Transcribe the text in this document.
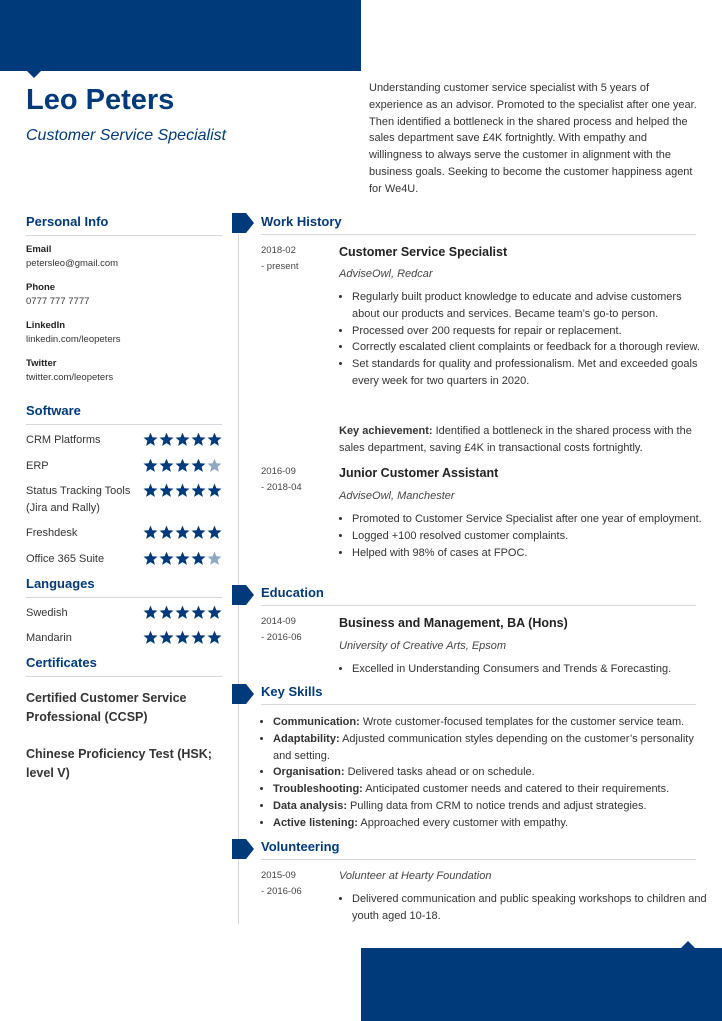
Leo Peters

Customer Service Specialist

Understanding customer service specialist with 5 years of experience as an advisor. Promoted to the specialist after one year. Then identified a bottleneck in the shared process and helped the sales department save £4K fortnightly. With empathy and willingness to always serve the customer in alignment with the business goals. Seeking to become the customer happiness agent for We4U.

Personal Info

Email

petersleo@gmail.com

Phone

0777 777 7777

LinkedIn

linkedin.com/leopeters

Twitter

twitter.com/leopeters

Software
CRM Platforms
ERP
Status Tracking Tools (Jira and Rally)
Freshdesk
Office 365 Suite
Languages
Swedish
Mandarin
Certificates

Certified Customer Service Professional (CCSP)

Chinese Proficiency Test (HSK; level V)

Work History
2018-02
- present
Customer Service Specialist
AdviseOwl, Redcar
• Regularly built product knowledge to educate and advise customers about our products and services. Became team’s go-to person.
• Processed over 200 requests for repair or replacement.
• Correctly escalated client complaints or feedback for a thorough review.
• Set standards for quality and professionalism. Met and exceeded goals every week for two quarters in 2020.

Key achievement: Identified a bottleneck in the shared process with the sales department, saving £4K in transactional costs fortnightly.

2016-09
- 2018-04
Junior Customer Assistant
AdviseOwl, Manchester
• Promoted to Customer Service Specialist after one year of employment.
• Logged +100 resolved customer complaints.
• Helped with 98% of cases at FPOC.
Education
2014-09
- 2016-06
Business and Management, BA (Hons)
University of Creative Arts, Epsom
• Excelled in Understanding Consumers and Trends & Forecasting.
Key Skills
• Communication: Wrote customer-focused templates for the customer service team.
• Adaptability: Adjusted communication styles depending on the customer’s personality and setting.
• Organisation: Delivered tasks ahead or on schedule.
• Troubleshooting: Anticipated customer needs and catered to their requirements.
• Data analysis: Pulling data from CRM to notice trends and adjust strategies.
• Active listening: Approached every customer with empathy.
Volunteering
2015-09
- 2016-06
Volunteer at Hearty Foundation
• Delivered communication and public speaking workshops to children and youth aged 10-18.
